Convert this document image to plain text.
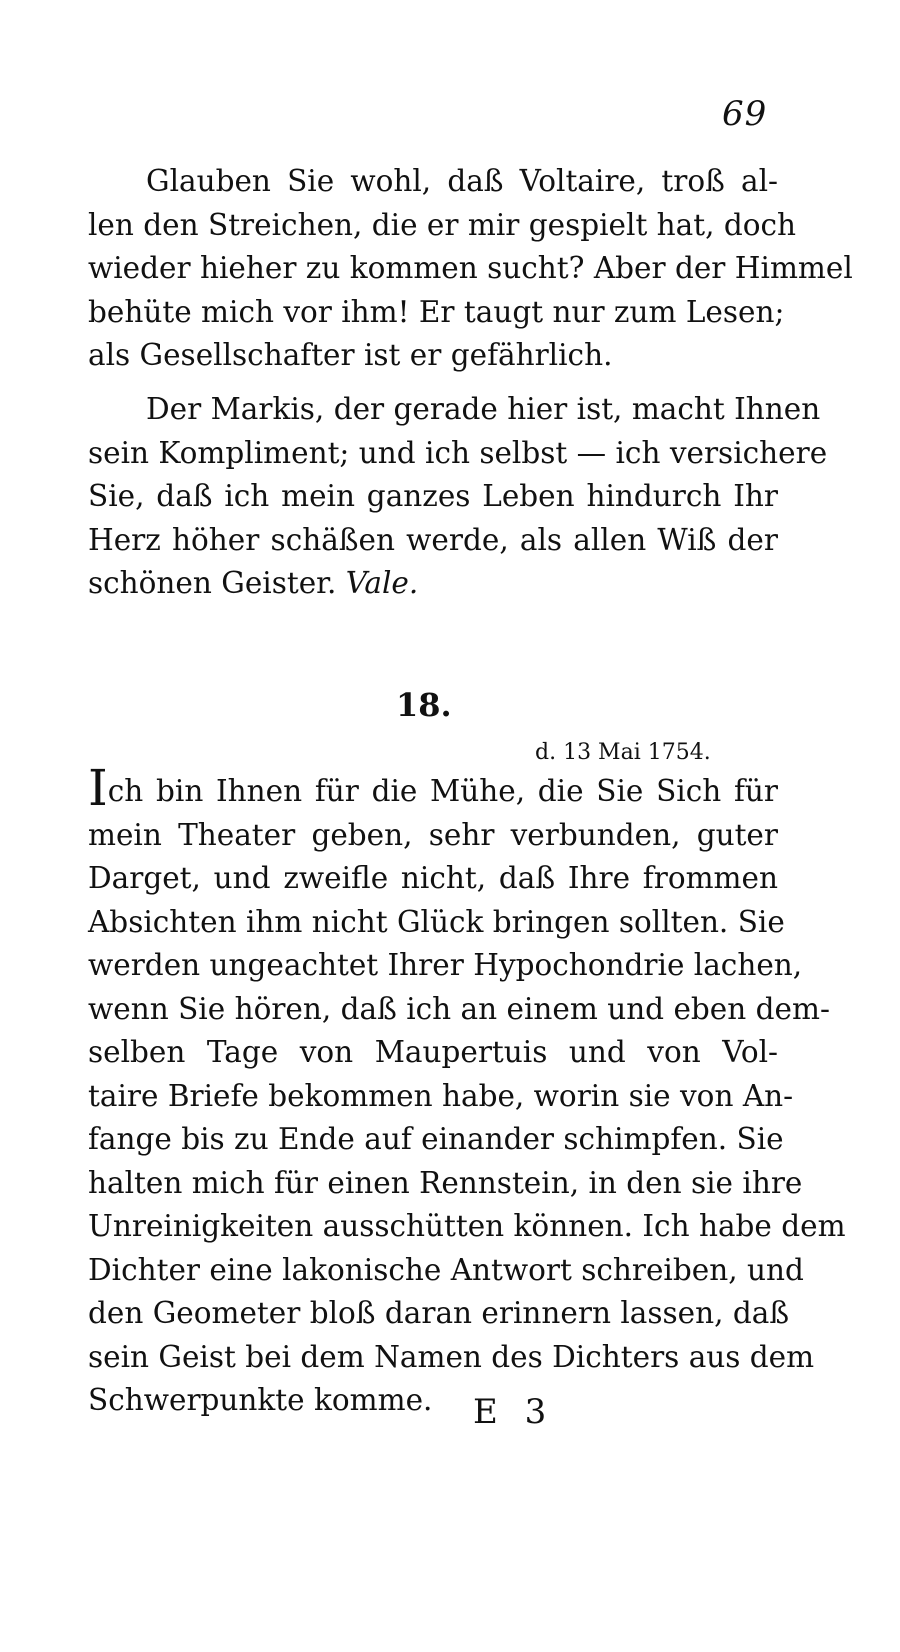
69
Glauben Sie wohl, daß Voltaire, troß al-
len den Streichen, die er mir gespielt hat, doch
wieder hieher zu kommen sucht? Aber der Himmel
behüte mich vor ihm! Er taugt nur zum Lesen;
als Gesellschafter ist er gefährlich.
Der Markis, der gerade hier ist, macht Ihnen
sein Kompliment; und ich selbst — ich versichere
Sie, daß ich mein ganzes Leben hindurch Ihr
Herz höher schäßen werde, als allen Wiß der
schönen Geister. Vale.
18.
d. 13 Mai 1754.
Ich bin Ihnen für die Mühe, die Sie Sich für
mein Theater geben, sehr verbunden, guter
Darget, und zweifle nicht, daß Ihre frommen
Absichten ihm nicht Glück bringen sollten. Sie
werden ungeachtet Ihrer Hypochondrie lachen,
wenn Sie hören, daß ich an einem und eben dem-
selben Tage von Maupertuis und von Vol-
taire Briefe bekommen habe, worin sie von An-
fange bis zu Ende auf einander schimpfen. Sie
halten mich für einen Rennstein, in den sie ihre
Unreinigkeiten ausschütten können. Ich habe dem
Dichter eine lakonische Antwort schreiben, und
den Geometer bloß daran erinnern lassen, daß
sein Geist bei dem Namen des Dichters aus dem
Schwerpunkte komme.	E 3
